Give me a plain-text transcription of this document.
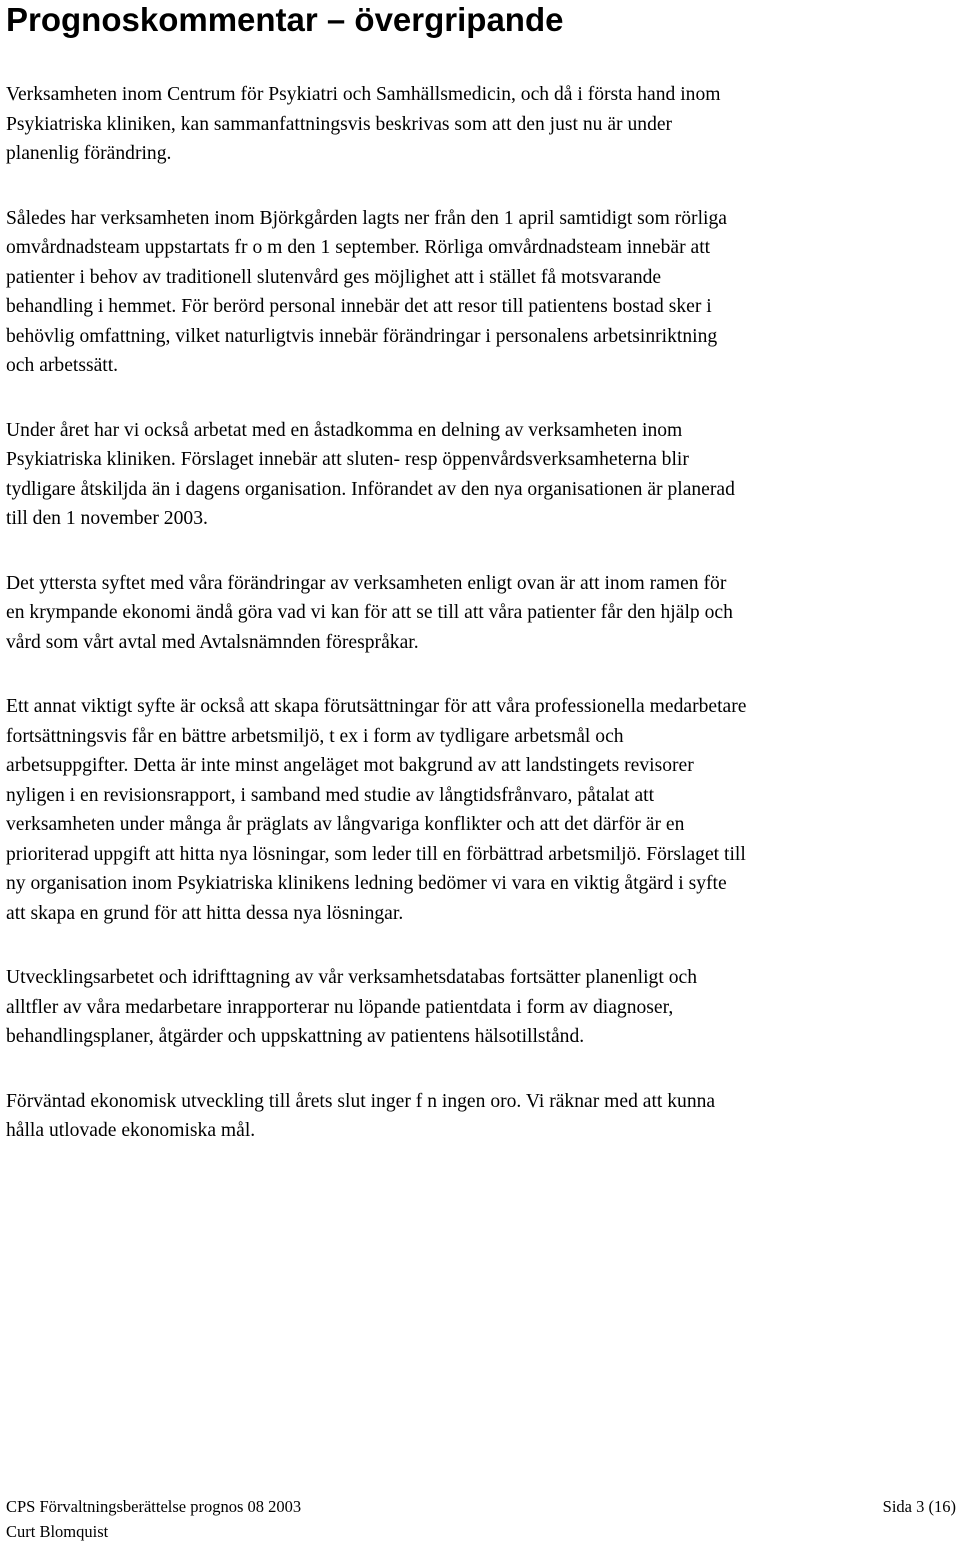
Prognoskommentar – övergripande

Verksamheten inom Centrum för Psykiatri och Samhällsmedicin, och då i första hand inom
Psykiatriska kliniken, kan sammanfattningsvis beskrivas som att den just nu är under
planenlig förändring.

Således har verksamheten inom Björkgården lagts ner från den 1 april samtidigt som rörliga
omvårdnadsteam uppstartats fr o m den 1 september. Rörliga omvårdnadsteam innebär att
patienter i behov av traditionell slutenvård ges möjlighet att i stället få motsvarande
behandling i hemmet. För berörd personal innebär det att resor till patientens bostad sker i
behövlig omfattning, vilket naturligtvis innebär förändringar i personalens arbetsinriktning
och arbetssätt.

Under året har vi också arbetat med en åstadkomma en delning av verksamheten inom
Psykiatriska kliniken. Förslaget innebär att sluten- resp öppenvårdsverksamheterna blir
tydligare åtskiljda än i dagens organisation. Införandet av den nya organisationen är planerad
till den 1 november 2003.

Det yttersta syftet med våra förändringar av verksamheten enligt ovan är att inom ramen för
en krympande ekonomi ändå göra vad vi kan för att se till att våra patienter får den hjälp och
vård som vårt avtal med Avtalsnämnden förespråkar.

Ett annat viktigt syfte är också att skapa förutsättningar för att våra professionella medarbetare
fortsättningsvis får en bättre arbetsmiljö, t ex i form av tydligare arbetsmål och
arbetsuppgifter. Detta är inte minst angeläget mot bakgrund av att landstingets revisorer
nyligen i en revisionsrapport, i samband med studie av långtidsfrånvaro, påtalat att
verksamheten under många år präglats av långvariga konflikter och att det därför är en
prioriterad uppgift att hitta nya lösningar, som leder till en förbättrad arbetsmiljö. Förslaget till
ny organisation inom Psykiatriska klinikens ledning bedömer vi vara en viktig åtgärd i syfte
att skapa en grund för att hitta dessa nya lösningar.

Utvecklingsarbetet och idrifttagning av vår verksamhetsdatabas fortsätter planenligt och
alltfler av våra medarbetare inrapporterar nu löpande patientdata i form av diagnoser,
behandlingsplaner, åtgärder och uppskattning av patientens hälsotillstånd.

Förväntad ekonomisk utveckling till årets slut inger f n ingen oro. Vi räknar med att kunna
hålla utlovade ekonomiska mål.

CPS Förvaltningsberättelse prognos 08 2003	Sida 3 (16)
Curt Blomquist
